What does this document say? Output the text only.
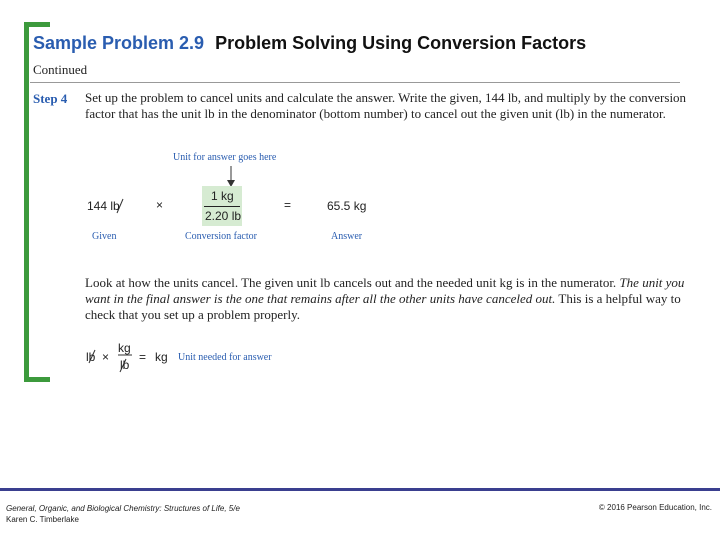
Sample Problem 2.9 Problem Solving Using Conversion Factors
Continued
Step 4 Set up the problem to cancel units and calculate the answer. Write the given, 144 lb, and multiply by the conversion factor that has the unit lb in the denominator (bottom number) to cancel out the given unit (lb) in the numerator.
Unit for answer goes here
144 lb	×
1 kg
2.20 lb
=	65.5 kg
Given	Conversion factor	Answer
Look at how the units cancel. The given unit lb cancels out and the needed unit kg is in the numerator. The unit you want in the final answer is the one that remains after all the other units have canceled out. This is a helpful way to check that you set up a problem properly.
lb ×
kg
lb
= kg Unit needed for answer
General, Organic, and Biological Chemistry: Structures of Life, 5/e
Karen C. Timberlake
© 2016 Pearson Education, Inc.
